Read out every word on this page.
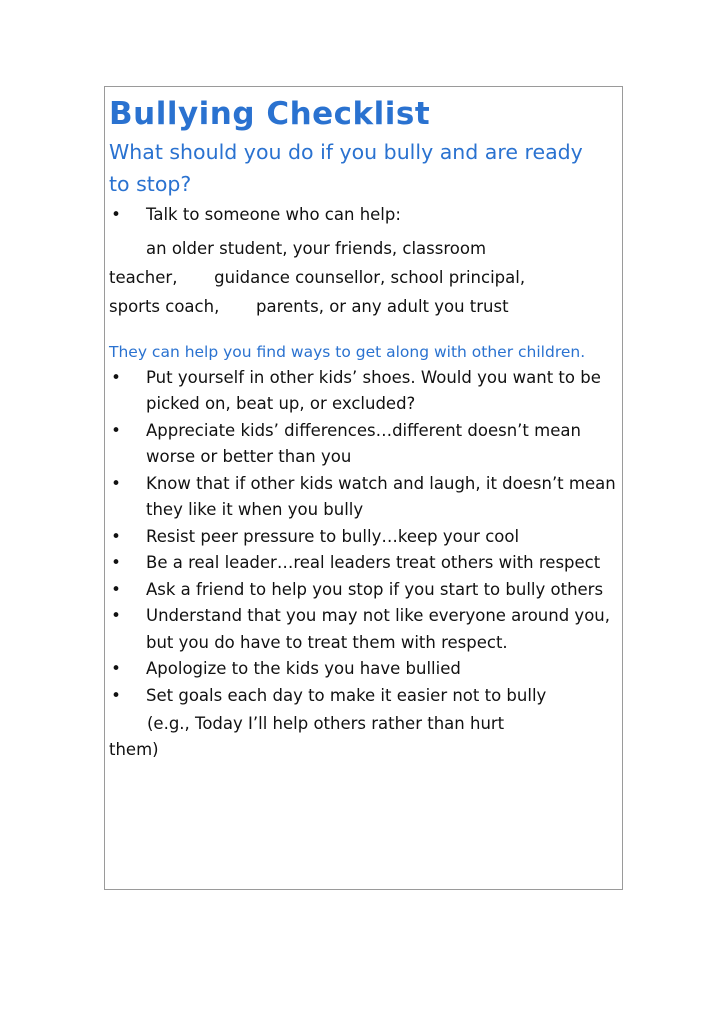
Bullying Checklist
What should you do if you bully and are ready to stop?
• Talk to someone who can help:
an older student, your friends, classroom
teacher,       guidance counsellor, school principal,
sports coach,       parents, or any adult you trust
They can help you find ways to get along with other children.
• Put yourself in other kids’ shoes. Would you want to be picked on, beat up, or excluded?
• Appreciate kids’ differences…different doesn’t mean worse or better than you
• Know that if other kids watch and laugh, it doesn’t mean they like it when you bully
• Resist peer pressure to bully…keep your cool
• Be a real leader…real leaders treat others with respect
• Ask a friend to help you stop if you start to bully others
• Understand that you may not like everyone around you, but you do have to treat them with respect.
• Apologize to the kids you have bullied
• Set goals each day to make it easier not to bully
(e.g., Today I’ll help others rather than hurt
them)
